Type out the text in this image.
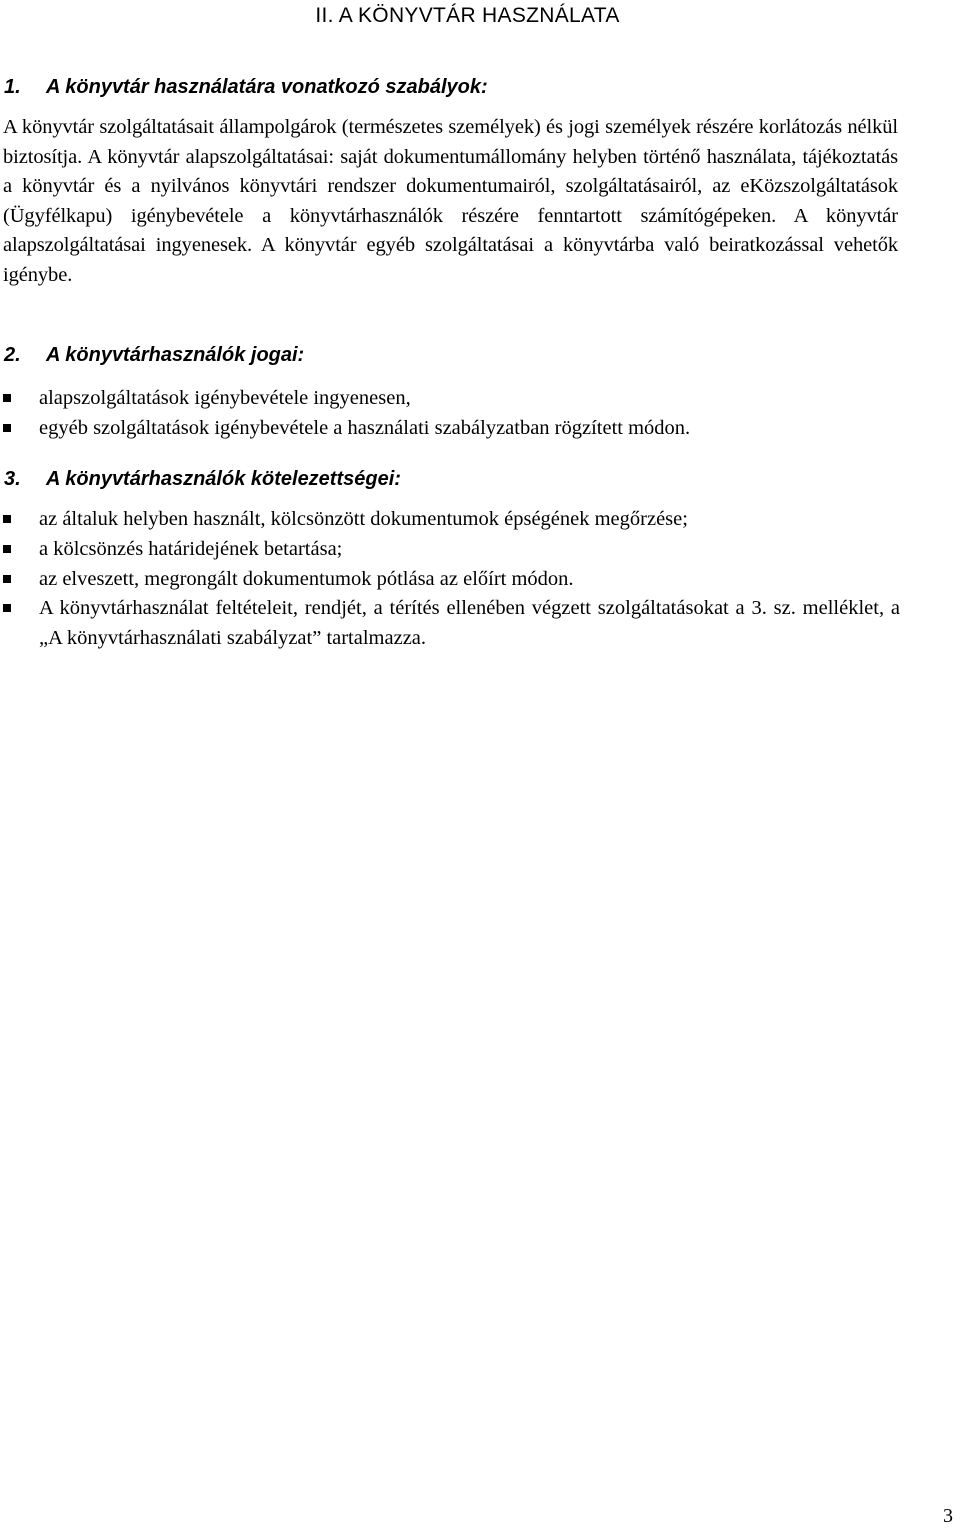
II. A KÖNYVTÁR HASZNÁLATA
1. A könyvtár használatára vonatkozó szabályok:

A könyvtár szolgáltatásait állampolgárok (természetes személyek) és jogi személyek részére korlátozás nélkül biztosítja. A könyvtár alapszolgáltatásai: saját dokumentumállomány helyben történő használata, tájékoztatás a könyvtár és a nyilvános könyvtári rendszer dokumentumairól, szolgáltatásairól, az eKözszolgáltatások (Ügyfélkapu) igénybevétele a könyvtárhasználók részére fenntartott számítógépeken. A könyvtár alapszolgáltatásai ingyenesek. A könyvtár egyéb szolgáltatásai a könyvtárba való beiratkozással vehetők igénybe.

2. A könyvtárhasználók jogai:
alapszolgáltatások igénybevétele ingyenesen,
egyéb szolgáltatások igénybevétele a használati szabályzatban rögzített módon.
3. A könyvtárhasználók kötelezettségei:
az általuk helyben használt, kölcsönzött dokumentumok épségének megőrzése;
a kölcsönzés határidejének betartása;
az elveszett, megrongált dokumentumok pótlása az előírt módon.
A könyvtárhasználat feltételeit, rendjét, a térítés ellenében végzett szolgáltatásokat a 3. sz. melléklet, a „A könyvtárhasználati szabályzat” tartalmazza.
3
